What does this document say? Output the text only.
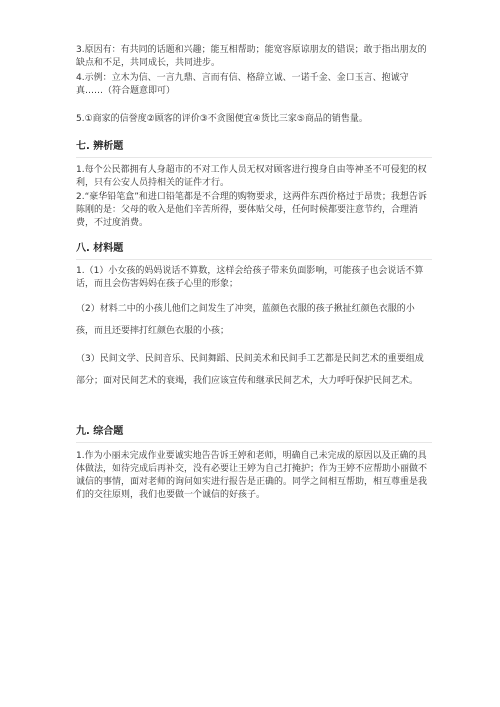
3.原因有：有共同的话题和兴趣；能互相帮助；能宽容原谅朋友的错误；敢于指出朋友的缺点和不足，共同成长，共同进步。

4.示例：立木为信、一言九鼎、言而有信、格辞立诚、一诺千金、金口玉言、抱诚守真……（符合题意即可）

5.①商家的信誉度②顾客的评价③不贪图便宜④货比三家⑤商品的销售量。

七. 辨析题

1.每个公民都拥有人身超市的不对工作人员无权对顾客进行搜身自由等神圣不可侵犯的权利，只有公安人员持相关的证件才行。

2.“豪华铅笔盒”和进口铅笔都是不合理的购物要求，这两件东西价格过于昂贵；我想告诉陈刚的是：父母的收入是他们辛苦所得，要体贴父母，任何时候都要注意节约，合理消费，不过度消费。

八. 材料题

1.（1）小女孩的妈妈说话不算数，这样会给孩子带来负面影响，可能孩子也会说话不算话，而且会伤害妈妈在孩子心里的形象；

（2）材料二中的小孩儿他们之间发生了冲突，蓝颜色衣服的孩子揪扯红颜色衣服的小孩，而且还要摔打红颜色衣服的小孩；

（3）民间文学、民间音乐、民间舞蹈、民间美术和民间手工艺都是民间艺术的重要组成部分；面对民间艺术的衰竭，我们应该宣传和继承民间艺术，大力呼吁保护民间艺术。

九. 综合题

1.作为小丽未完成作业要诚实地告告诉王婷和老师，明确自己未完成的原因以及正确的具体做法，如待完成后再补交，没有必要让王婷为自己打掩护；作为王婷不应帮助小丽做不诚信的事情，面对老师的询问如实进行报告是正确的。同学之间相互帮助，相互尊重是我们的交往原则，我们也要做一个诚信的好孩子。
